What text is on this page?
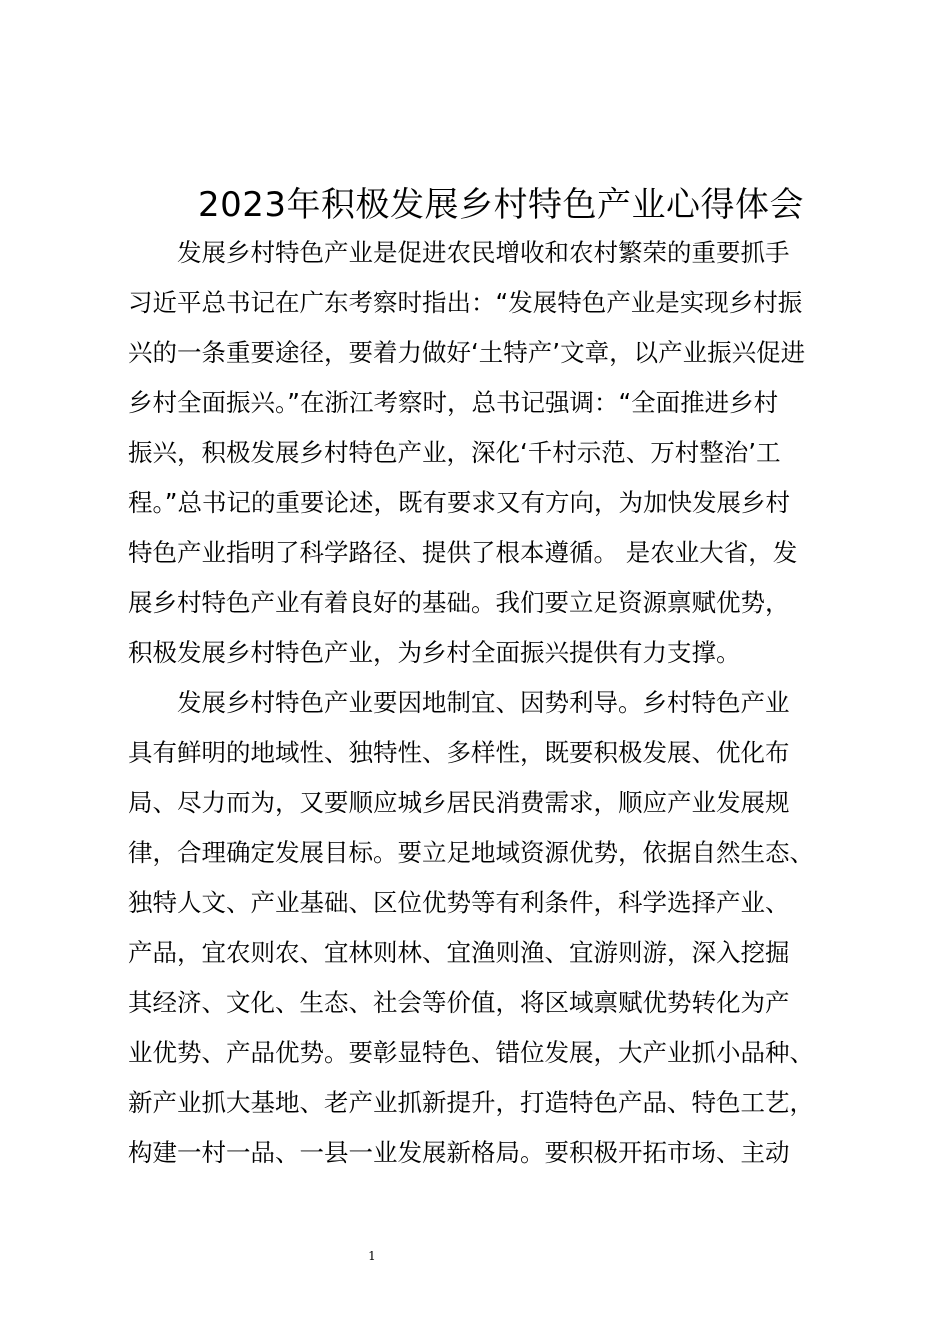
2023年积极发展乡村特色产业心得体会
　　发展乡村特色产业是促进农民增收和农村繁荣的重要抓手
习近平总书记在广东考察时指出：“发展特色产业是实现乡村振
兴的一条重要途径，要着力做好‘土特产’文章，以产业振兴促进
乡村全面振兴。”在浙江考察时，总书记强调：“全面推进乡村
振兴，积极发展乡村特色产业，深化‘千村示范、万村整治’工
程。”总书记的重要论述，既有要求又有方向，为加快发展乡村
特色产业指明了科学路径、提供了根本遵循。 是农业大省，发
展乡村特色产业有着良好的基础。我们要立足资源禀赋优势，
积极发展乡村特色产业，为乡村全面振兴提供有力支撑。
　　发展乡村特色产业要因地制宜、因势利导。乡村特色产业
具有鲜明的地域性、独特性、多样性，既要积极发展、优化布
局、尽力而为，又要顺应城乡居民消费需求，顺应产业发展规
律，合理确定发展目标。要立足地域资源优势，依据自然生态、
独特人文、产业基础、区位优势等有利条件，科学选择产业、
产品，宜农则农、宜林则林、宜渔则渔、宜游则游，深入挖掘
其经济、文化、生态、社会等价值，将区域禀赋优势转化为产
业优势、产品优势。要彰显特色、错位发展，大产业抓小品种、
新产业抓大基地、老产业抓新提升，打造特色产品、特色工艺，
构建一村一品、一县一业发展新格局。要积极开拓市场、主动
1
